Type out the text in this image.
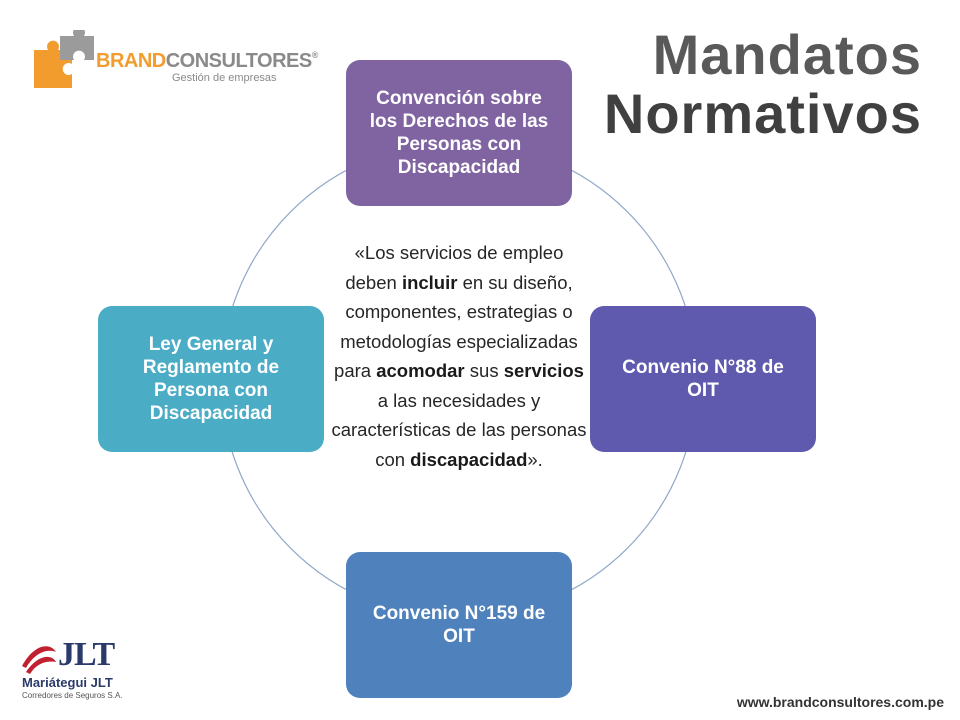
BRANDCONSULTORES®
Gestión de empresas	Mandatos
Normativos
Convención sobre los Derechos de las Personas con Discapacidad
Convenio N°88 de OIT
Convenio N°159 de OIT
Ley General y Reglamento de Persona con Discapacidad
«Los servicios de empleo deben incluir en su diseño, componentes, estrategias o metodologías especializadas para acomodar sus servicios a las necesidades y características de las personas con discapacidad».
JLT
Mariátegui JLT
Corredores de Seguros S.A.	www.brandconsultores.com.pe
